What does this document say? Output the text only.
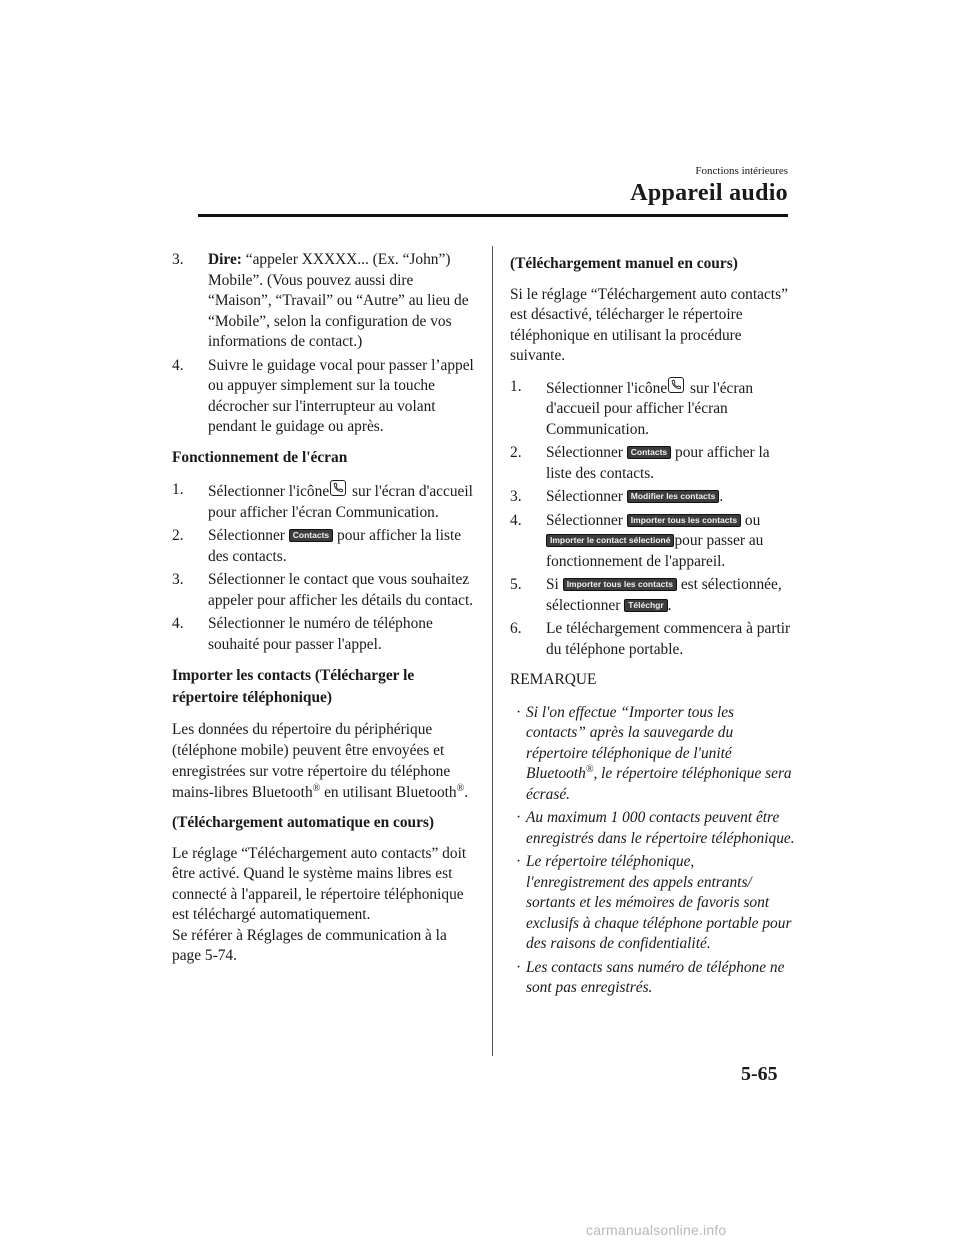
Fonctions intérieures
Appareil audio
3. Dire: “appeler XXXXX... (Ex. “John”) Mobile”. (Vous pouvez aussi dire “Maison”, “Travail” ou “Autre” au lieu de “Mobile”, selon la configuration de vos informations de contact.)
4. Suivre le guidage vocal pour passer l’appel ou appuyer simplement sur la touche décrocher sur l'interrupteur au volant pendant le guidage ou après.
Fonctionnement de l'écran
1. Sélectionner l'icône sur l'écran d'accueil pour afficher l'écran Communication.
2. Sélectionner Contacts pour afficher la liste des contacts.
3. Sélectionner le contact que vous souhaitez appeler pour afficher les détails du contact.
4. Sélectionner le numéro de téléphone souhaité pour passer l'appel.
Importer les contacts (Télécharger le répertoire téléphonique)
Les données du répertoire du périphérique (téléphone mobile) peuvent être envoyées et enregistrées sur votre répertoire du téléphone mains-libres Bluetooth® en utilisant Bluetooth®.
(Téléchargement automatique en cours)
Le réglage “Téléchargement auto contacts” doit être activé. Quand le système mains libres est connecté à l'appareil, le répertoire téléphonique est téléchargé automatiquement.
Se référer à Réglages de communication à la page 5-74.
(Téléchargement manuel en cours)
Si le réglage “Téléchargement auto contacts” est désactivé, télécharger le répertoire téléphonique en utilisant la procédure suivante.
1. Sélectionner l'icône sur l'écran d'accueil pour afficher l'écran Communication.
2. Sélectionner Contacts pour afficher la liste des contacts.
3. Sélectionner Modifier les contacts .
4. Sélectionner Importer tous les contacts ou
Importer le contact sélectioné pour passer au fonctionnement de l'appareil.
5. Si Importer tous les contacts est sélectionnée, sélectionner Téléchgr .
6. Le téléchargement commencera à partir du téléphone portable.
REMARQUE
· Si l'on effectue “Importer tous les contacts” après la sauvegarde du répertoire téléphonique de l'unité Bluetooth®, le répertoire téléphonique sera écrasé.
· Au maximum 1 000 contacts peuvent être enregistrés dans le répertoire téléphonique.
· Le répertoire téléphonique, l'enregistrement des appels entrants/ sortants et les mémoires de favoris sont exclusifs à chaque téléphone portable pour des raisons de confidentialité.
· Les contacts sans numéro de téléphone ne sont pas enregistrés.
5-65
carmanualsonline.info
